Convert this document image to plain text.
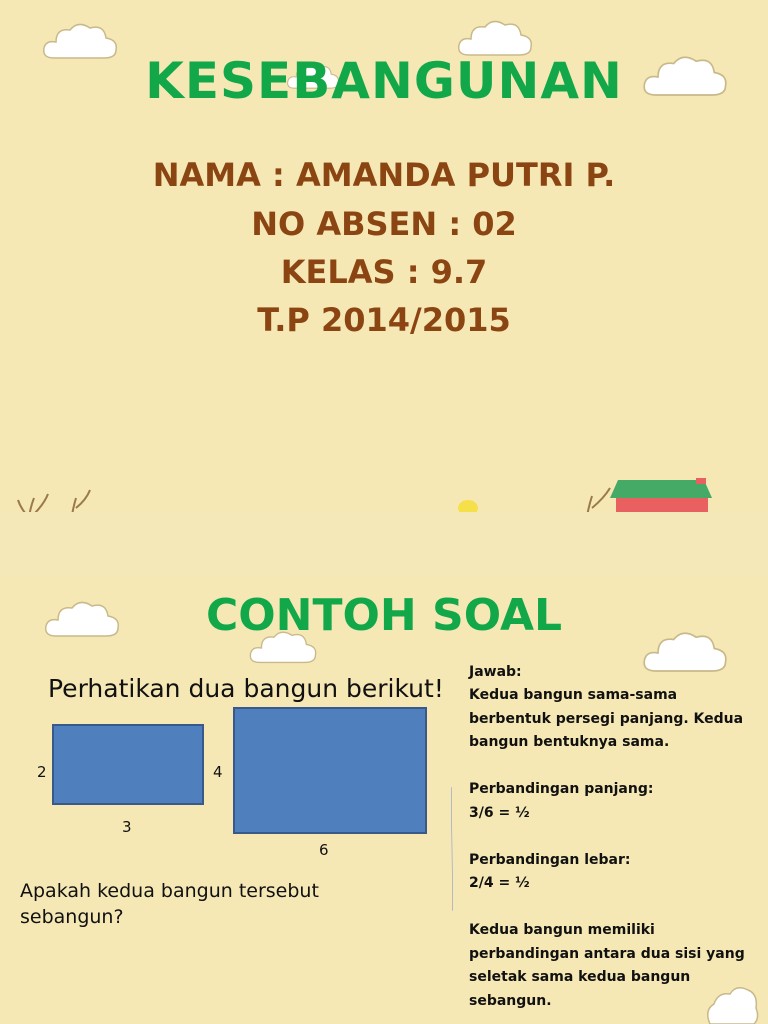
KESEBANGUNAN
NAMA : AMANDA PUTRI P.
NO ABSEN : 02
KELAS : 9.7
T.P 2014/2015
CONTOH SOAL
Perhatikan dua bangun berikut!
2
3
4
6
Apakah kedua bangun tersebut sebangun?
Jawab:
Kedua bangun sama-sama
berbentuk persegi panjang. Kedua
bangun bentuknya sama.
Perbandingan panjang:
3/6 = ½
Perbandingan lebar:
2/4 = ½
Kedua bangun memiliki
perbandingan antara dua sisi yang
seletak sama kedua bangun
sebangun.
